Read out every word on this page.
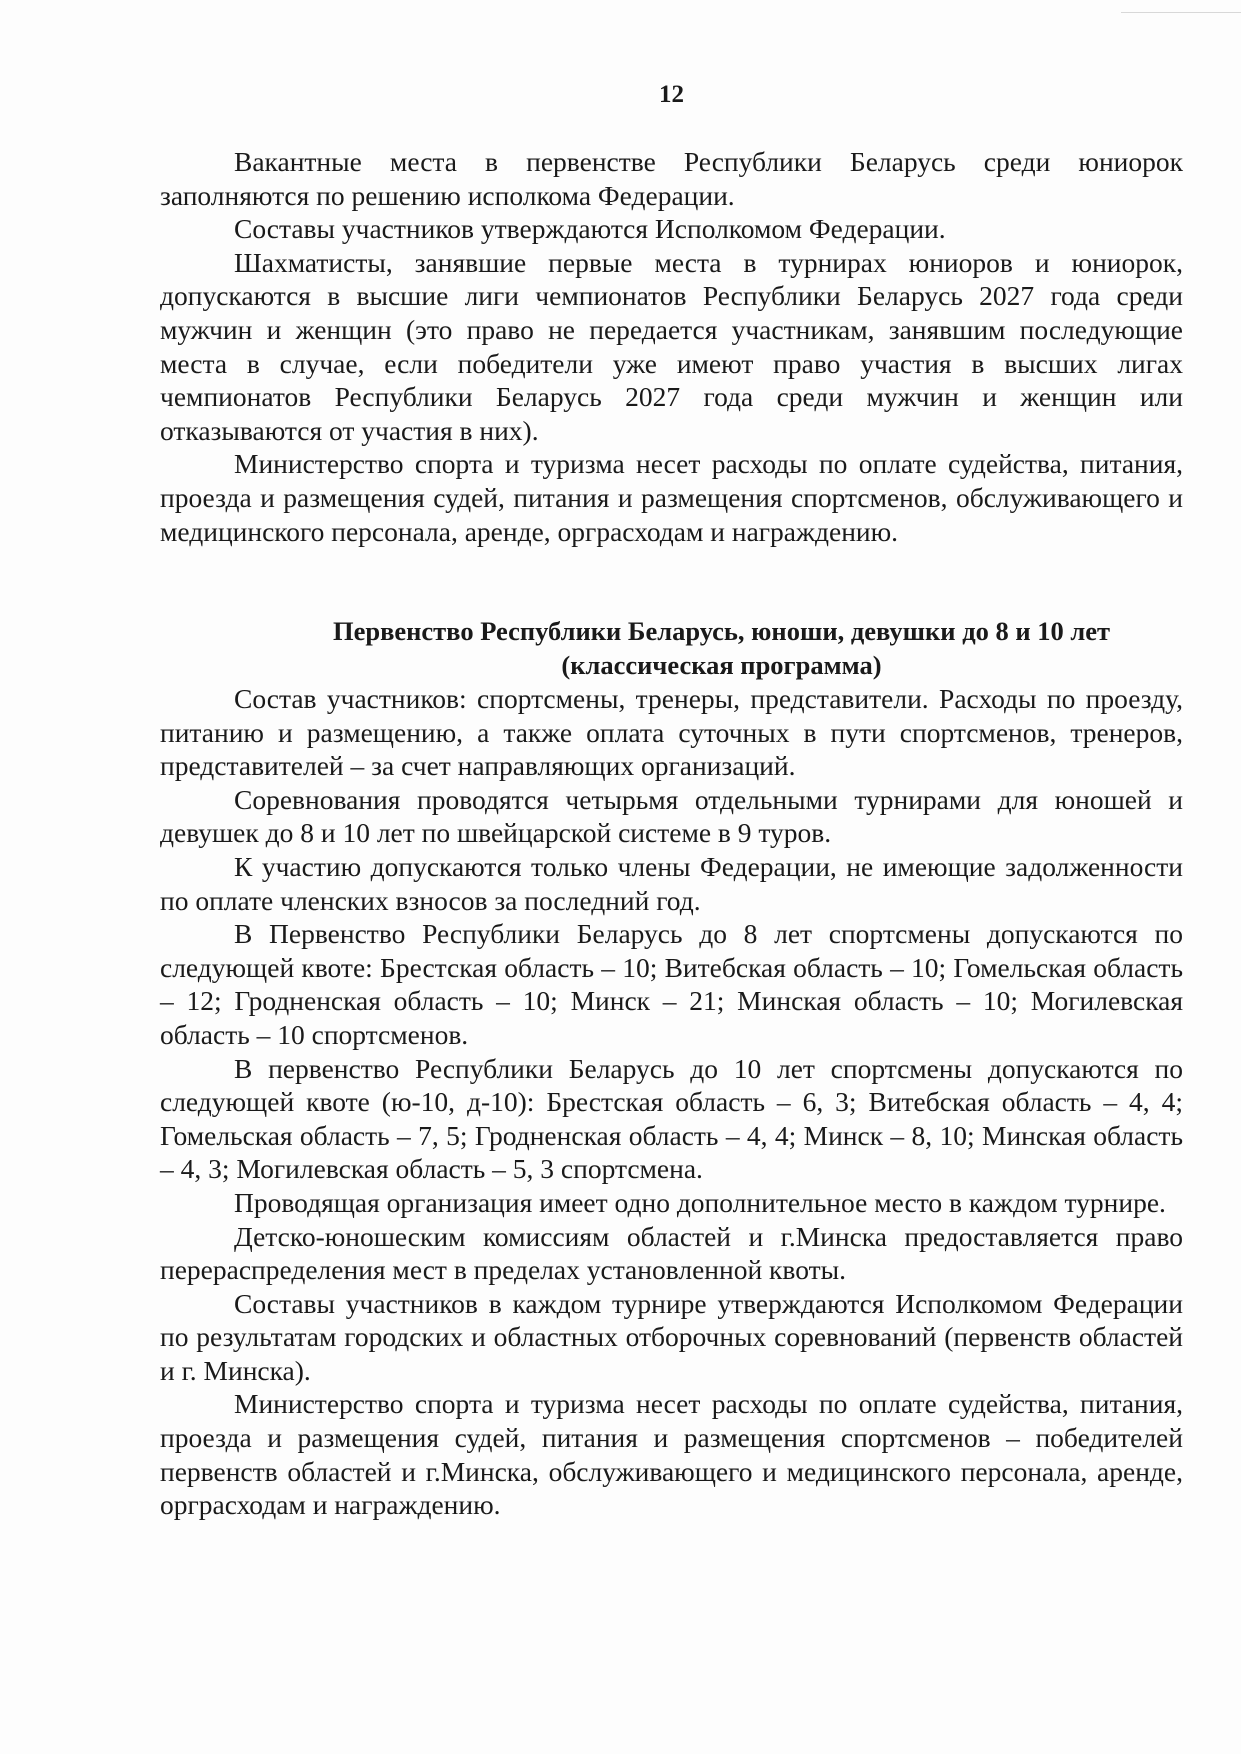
12

Вакантные места в первенстве Республики Беларусь среди юниорок заполняются по решению исполкома Федерации.

Составы участников утверждаются Исполкомом Федерации.

Шахматисты, занявшие первые места в турнирах юниоров и юниорок, допускаются в высшие лиги чемпионатов Республики Беларусь 2027 года среди мужчин и женщин (это право не передается участникам, занявшим последующие места в случае, если победители уже имеют право участия в высших лигах чемпионатов Республики Беларусь 2027 года среди мужчин и женщин или отказываются от участия в них).

Министерство спорта и туризма несет расходы по оплате судейства, питания, проезда и размещения судей, питания и размещения спортсменов, обслуживающего и медицинского персонала, аренде, орграсходам и награждению.

Первенство Республики Беларусь, юноши, девушки до 8 и 10 лет
(классическая программа)

Состав участников: спортсмены, тренеры, представители. Расходы по проезду, питанию и размещению, а также оплата суточных в пути спортсменов, тренеров, представителей – за счет направляющих организаций.

Соревнования проводятся четырьмя отдельными турнирами для юношей и девушек до 8 и 10 лет по швейцарской системе в 9 туров.

К участию допускаются только члены Федерации, не имеющие задолженности по оплате членских взносов за последний год.

В Первенство Республики Беларусь до 8 лет спортсмены допускаются по следующей квоте: Брестская область – 10; Витебская область – 10; Гомельская область – 12; Гродненская область – 10; Минск – 21; Минская область – 10; Могилевская область – 10 спортсменов.

В первенство Республики Беларусь до 10 лет спортсмены допускаются по следующей квоте (ю-10, д-10): Брестская область – 6, 3; Витебская область – 4, 4; Гомельская область – 7, 5; Гродненская область – 4, 4; Минск – 8, 10; Минская область – 4, 3; Могилевская область – 5, 3 спортсмена.

Проводящая организация имеет одно дополнительное место в каждом турнире.

Детско-юношеским комиссиям областей и г.Минска предоставляется право перераспределения мест в пределах установленной квоты.

Составы участников в каждом турнире утверждаются Исполкомом Федерации по результатам городских и областных отборочных соревнований (первенств областей и г. Минска).

Министерство спорта и туризма несет расходы по оплате судейства, питания, проезда и размещения судей, питания и размещения спортсменов – победителей первенств областей и г.Минска, обслуживающего и медицинского персонала, аренде, орграсходам и награждению.
